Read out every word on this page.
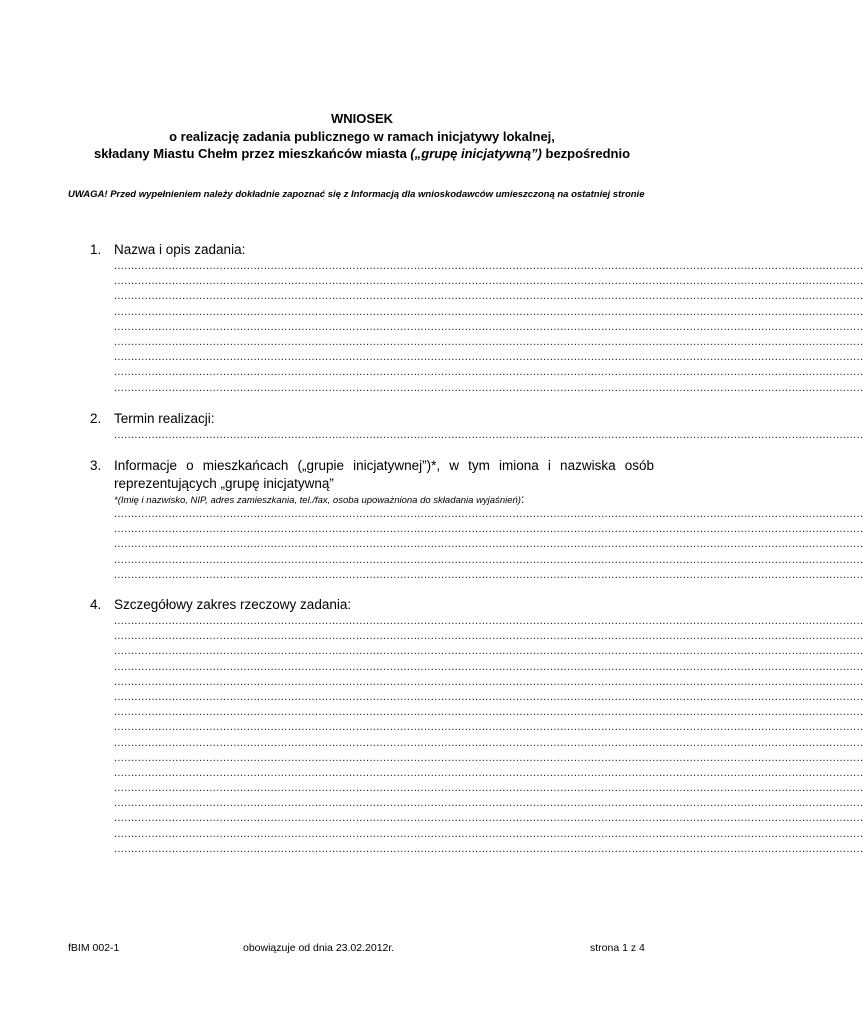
WNIOSEK
o realizację zadania publicznego w ramach inicjatywy lokalnej,
składany Miastu Chełm przez mieszkańców miasta („grupę inicjatywną”) bezpośrednio
UWAGA! Przed wypełnieniem należy dokładnie zapoznać się z Informacją dla wnioskodawców umieszczoną na ostatniej stronie
1. Nazwa i opis zadania:
............................................................................................................................................................................................................................
............................................................................................................................................................................................................................
............................................................................................................................................................................................................................
............................................................................................................................................................................................................................
............................................................................................................................................................................................................................
............................................................................................................................................................................................................................
............................................................................................................................................................................................................................
............................................................................................................................................................................................................................
............................................................................................................................................................................................................................
2. Termin realizacji:
............................................................................................................................................................................................................................
3. Informacje o mieszkańcach („grupie inicjatywnej”)*, w tym imiona i nazwiska osób reprezentujących „grupę inicjatywną”
*(Imię i nazwisko, NIP, adres zamieszkania, tel./fax, osoba upoważniona do składania wyjaśnień):
............................................................................................................................................................................................................................
............................................................................................................................................................................................................................
............................................................................................................................................................................................................................
............................................................................................................................................................................................................................
............................................................................................................................................................................................................................
4. Szczegółowy zakres rzeczowy zadania:
............................................................................................................................................................................................................................
............................................................................................................................................................................................................................
............................................................................................................................................................................................................................
............................................................................................................................................................................................................................
............................................................................................................................................................................................................................
............................................................................................................................................................................................................................
............................................................................................................................................................................................................................
............................................................................................................................................................................................................................
............................................................................................................................................................................................................................
............................................................................................................................................................................................................................
............................................................................................................................................................................................................................
............................................................................................................................................................................................................................
............................................................................................................................................................................................................................
............................................................................................................................................................................................................................
............................................................................................................................................................................................................................
............................................................................................................................................................................................................................
fBIM 002-1	obowiązuje od dnia 23.02.2012r.	strona 1 z 4
